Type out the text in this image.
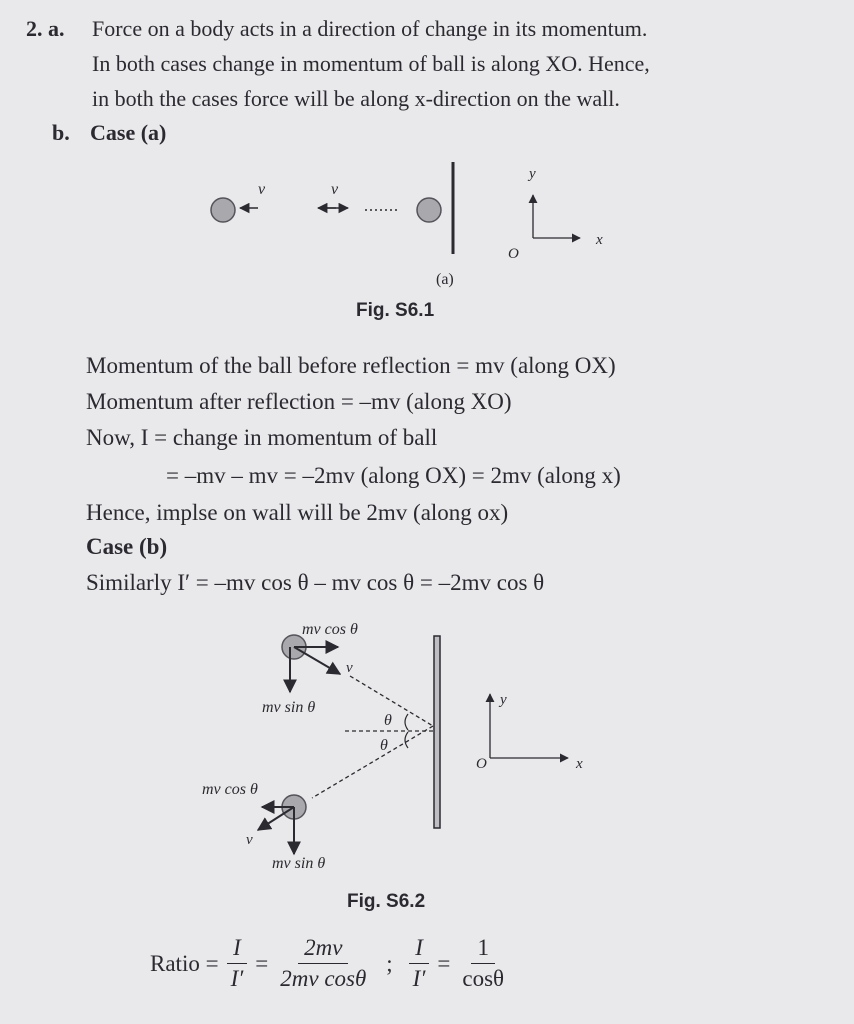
2. a. Force on a body acts in a direction of change in its momentum.
In both cases change in momentum of ball is along XO. Hence,
in both the cases force will be along x-direction on the wall.
b. Case (a)
v	v
y
x
O
(a)
Fig. S6.1
Momentum of the ball before reflection = mv (along OX)
Momentum after reflection = –mv (along XO)
Now, I = change in momentum of ball
= –mv – mv = –2mv (along OX) = 2mv (along x)
Hence, implse on wall will be 2mv (along ox)
Case (b)
Similarly I′ = –mv cos θ – mv cos θ = –2mv cos θ
mv cos θ
v
mv sin θ
θ
θ
mv cos θ
v
mv sin θ
y
x
O
Fig. S6.2
Ratio = $\frac{I}{I'} = \frac{2mv}{\text{2mv cosθ}}$ ; $\frac{I}{I'} = \frac{1}{\cos\theta}$
